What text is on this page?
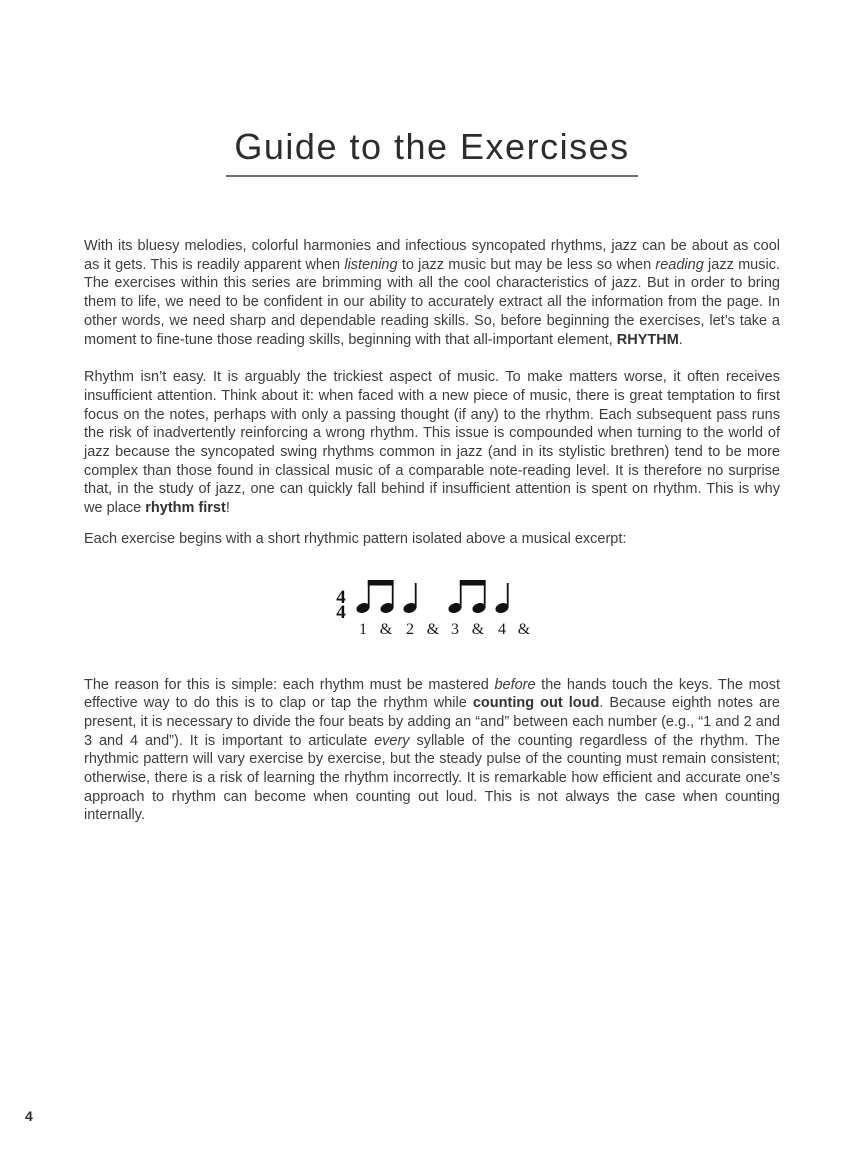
Guide to the Exercises

With its bluesy melodies, colorful harmonies and infectious syncopated rhythms, jazz can be about as cool as it gets. This is readily apparent when listening to jazz music but may be less so when reading jazz music. The exercises within this series are brimming with all the cool characteristics of jazz. But in order to bring them to life, we need to be confident in our ability to accurately extract all the information from the page. In other words, we need sharp and dependable reading skills. So, before beginning the exercises, let’s take a moment to fine-tune those reading skills, beginning with that all-important element, RHYTHM.

Rhythm isn’t easy. It is arguably the trickiest aspect of music. To make matters worse, it often receives insufficient attention. Think about it: when faced with a new piece of music, there is great temptation to first focus on the notes, perhaps with only a passing thought (if any) to the rhythm. Each subsequent pass runs the risk of inadvertently reinforcing a wrong rhythm. This issue is compounded when turning to the world of jazz because the syncopated swing rhythms common in jazz (and in its stylistic brethren) tend to be more complex than those found in classical music of a comparable note-reading level. It is therefore no surprise that, in the study of jazz, one can quickly fall behind if insufficient attention is spent on rhythm. This is why we place rhythm first!

Each exercise begins with a short rhythmic pattern isolated above a musical excerpt:

4
4
1 & 2 & 3 & 4 &

The reason for this is simple: each rhythm must be mastered before the hands touch the keys. The most effective way to do this is to clap or tap the rhythm while counting out loud. Because eighth notes are present, it is necessary to divide the four beats by adding an “and” between each number (e.g., “1 and 2 and 3 and 4 and”). It is important to articulate every syllable of the counting regardless of the rhythm. The rhythmic pattern will vary exercise by exercise, but the steady pulse of the counting must remain consistent; otherwise, there is a risk of learning the rhythm incorrectly. It is remarkable how efficient and accurate one’s approach to rhythm can become when counting out loud. This is not always the case when counting internally.

4
